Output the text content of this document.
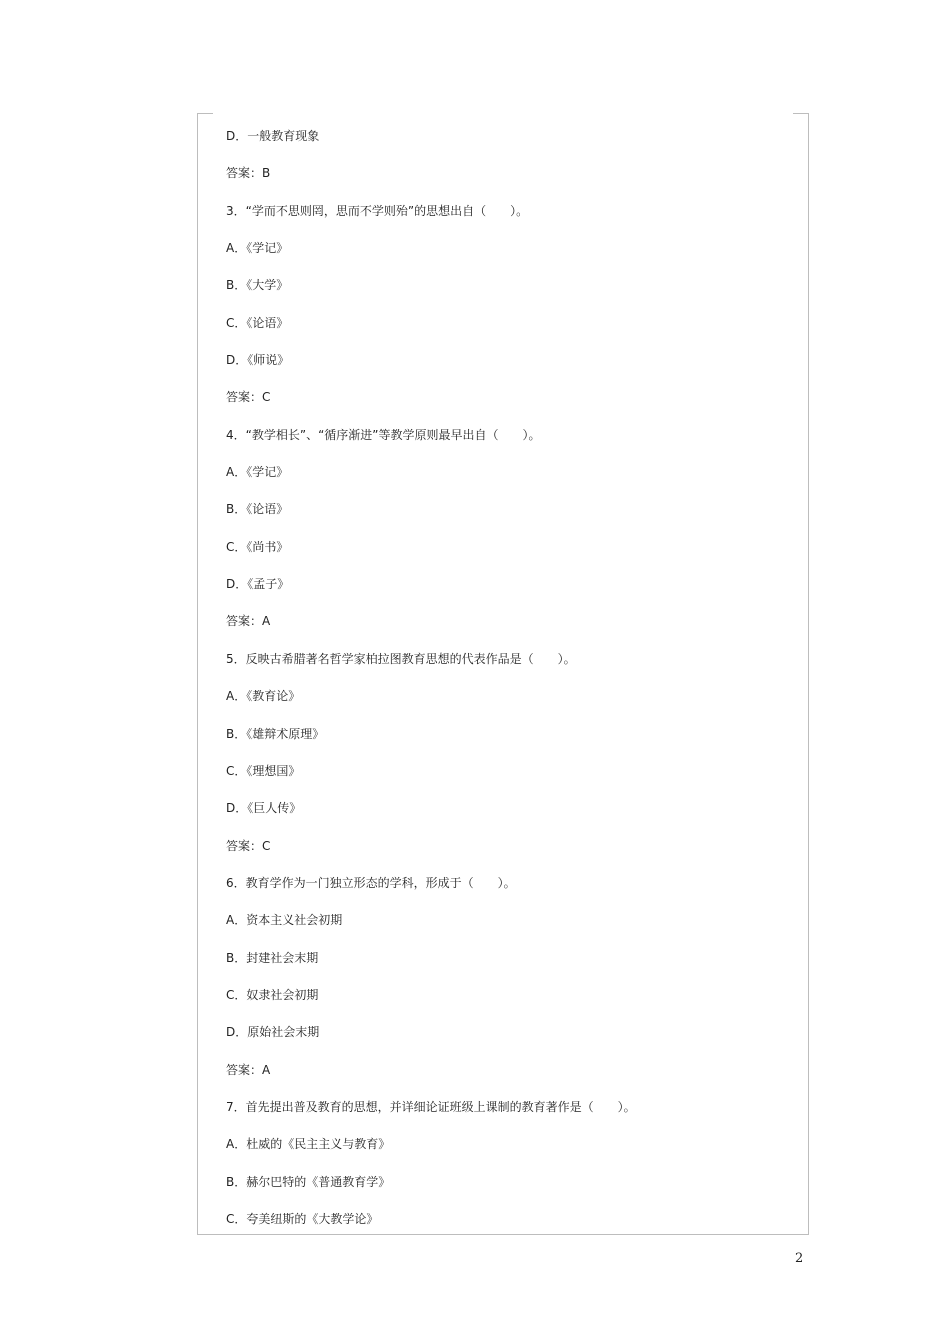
D．一般教育现象
答案：B
3．“学而不思则罔，思而不学则殆”的思想出自（　　）。
A．《学记》
B．《大学》
C．《论语》
D．《师说》
答案：C
4．“教学相长”、“循序渐进”等教学原则最早出自（　　）。
A．《学记》
B．《论语》
C．《尚书》
D．《孟子》
答案：A
5．反映古希腊著名哲学家柏拉图教育思想的代表作品是（　　）。
A．《教育论》
B．《雄辩术原理》
C．《理想国》
D．《巨人传》
答案：C
6．教育学作为一门独立形态的学科，形成于（　　）。
A．资本主义社会初期
B．封建社会末期
C．奴隶社会初期
D．原始社会末期
答案：A
7．首先提出普及教育的思想，并详细论证班级上课制的教育著作是（　　）。
A．杜威的《民主主义与教育》
B．赫尔巴特的《普通教育学》
C．夸美纽斯的《大教学论》
2
